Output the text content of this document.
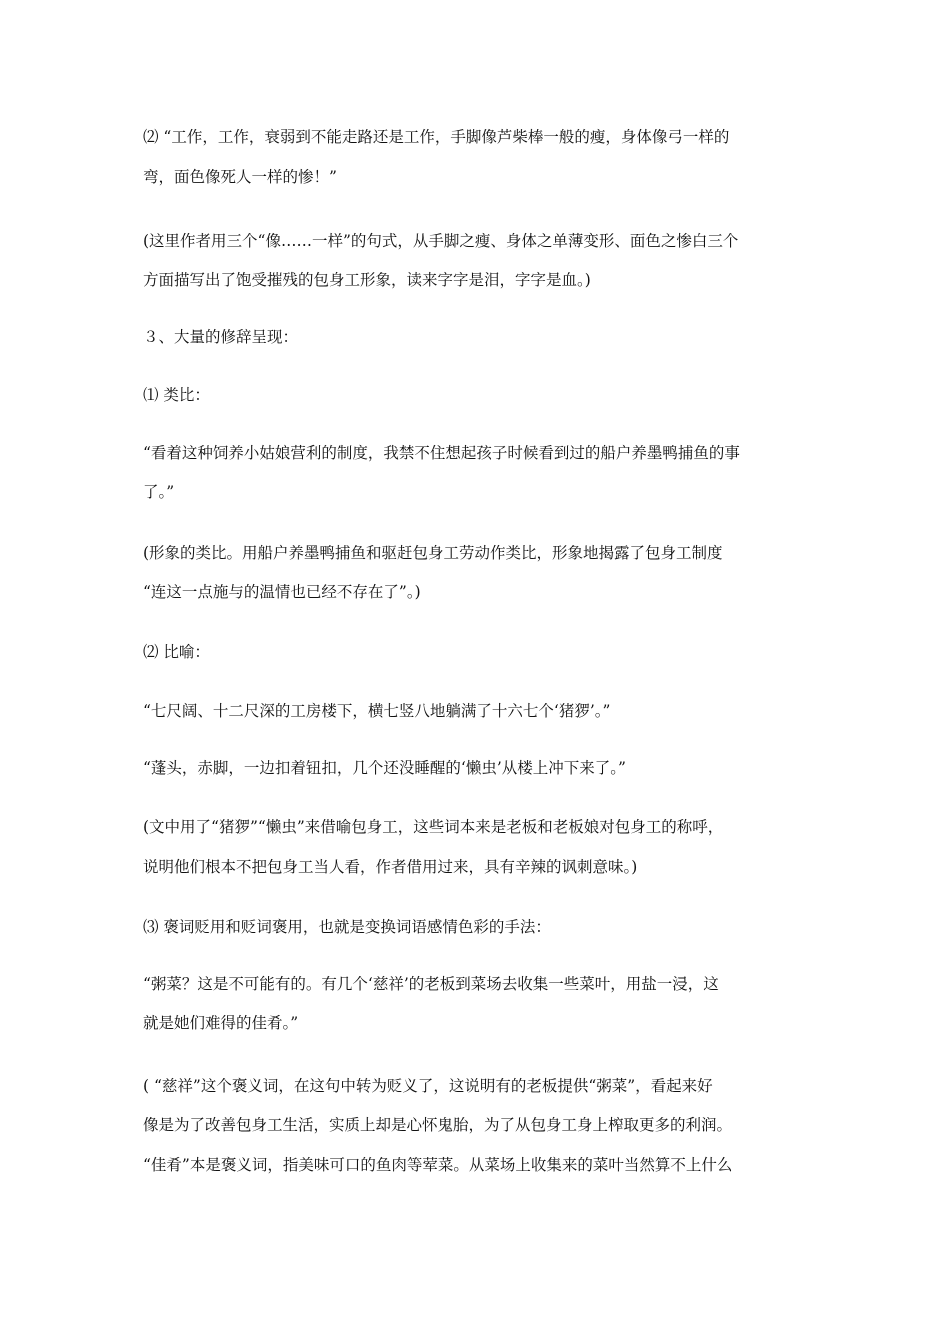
⑵ “工作，工作，衰弱到不能走路还是工作，手脚像芦柴棒一般的瘦，身体像弓一样的
弯，面色像死人一样的惨！”
(这里作者用三个“像……一样”的句式，从手脚之瘦、身体之单薄变形、面色之惨白三个
方面描写出了饱受摧残的包身工形象，读来字字是泪，字字是血。)
３、大量的修辞呈现：
⑴ 类比：
“看着这种饲养小姑娘营利的制度，我禁不住想起孩子时候看到过的船户养墨鸭捕鱼的事
了。”
(形象的类比。用船户养墨鸭捕鱼和驱赶包身工劳动作类比，形象地揭露了包身工制度
“连这一点施与的温情也已经不存在了”。)
⑵ 比喻：
“七尺阔、十二尺深的工房楼下，横七竖八地躺满了十六七个‘猪猡’。”
“蓬头，赤脚，一边扣着钮扣，几个还没睡醒的‘懒虫’从楼上冲下来了。”
(文中用了“猪猡”“懒虫”来借喻包身工，这些词本来是老板和老板娘对包身工的称呼，
说明他们根本不把包身工当人看，作者借用过来，具有辛辣的讽刺意味。)
⑶ 褒词贬用和贬词褒用，也就是变换词语感情色彩的手法：
“粥菜？这是不可能有的。有几个‘慈祥’的老板到菜场去收集一些菜叶，用盐一浸，这
就是她们难得的佳肴。”
( “慈祥”这个褒义词，在这句中转为贬义了，这说明有的老板提供“粥菜”，看起来好
像是为了改善包身工生活，实质上却是心怀鬼胎，为了从包身工身上榨取更多的利润。
“佳肴”本是褒义词，指美味可口的鱼肉等荤菜。从菜场上收集来的菜叶当然算不上什么
